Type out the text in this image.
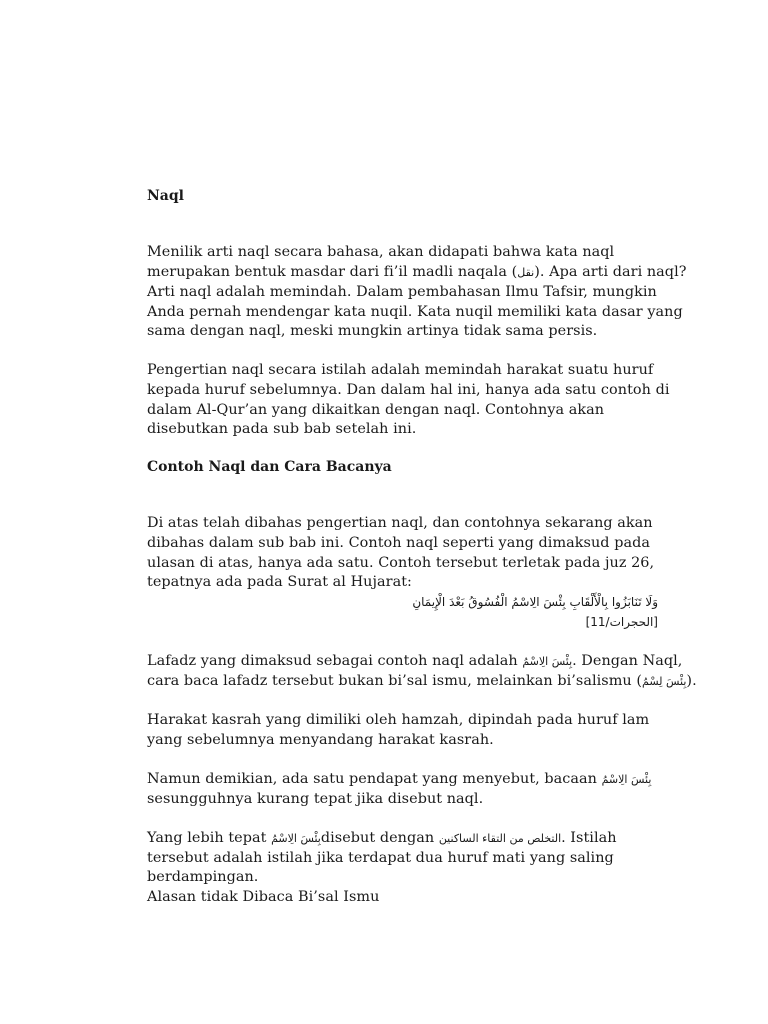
Naql
Menilik arti naql secara bahasa, akan didapati bahwa kata naql
merupakan bentuk masdar dari fi’il madli naqala (نقل). Apa arti dari naql?
Arti naql adalah memindah. Dalam pembahasan Ilmu Tafsir, mungkin
Anda pernah mendengar kata nuqil. Kata nuqil memiliki kata dasar yang
sama dengan naql, meski mungkin artinya tidak sama persis.
Pengertian naql secara istilah adalah memindah harakat suatu huruf
kepada huruf sebelumnya. Dan dalam hal ini, hanya ada satu contoh di
dalam Al-Qur’an yang dikaitkan dengan naql. Contohnya akan
disebutkan pada sub bab setelah ini.
Contoh Naql dan Cara Bacanya
Di atas telah dibahas pengertian naql, dan contohnya sekarang akan
dibahas dalam sub bab ini. Contoh naql seperti yang dimaksud pada
ulasan di atas, hanya ada satu. Contoh tersebut terletak pada juz 26,
tepatnya ada pada Surat al Hujarat:
وَلَا تَنَابَزُوا بِالْأَلْقَابِ بِئْسَ الِاسْمُ الْفُسُوقُ بَعْدَ الْإِيمَانِ
[الحجرات/11]
Lafadz yang dimaksud sebagai contoh naql adalah بِئْسَ الِاسْمُ. Dengan Naql,
cara baca lafadz tersebut bukan bi’sal ismu, melainkan bi’salismu (بِئْسَ لِسْمُ).
Harakat kasrah yang dimiliki oleh hamzah, dipindah pada huruf lam
yang sebelumnya menyandang harakat kasrah.
Namun demikian, ada satu pendapat yang menyebut, bacaan بِئْسَ الِاسْمُ
sesungguhnya kurang tepat jika disebut naql.
Yang lebih tepat بِئْسَ الِاسْمُdisebut dengan التخلص من التقاء الساكنين. Istilah
tersebut adalah istilah jika terdapat dua huruf mati yang saling
berdampingan.
Alasan tidak Dibaca Bi’sal Ismu
